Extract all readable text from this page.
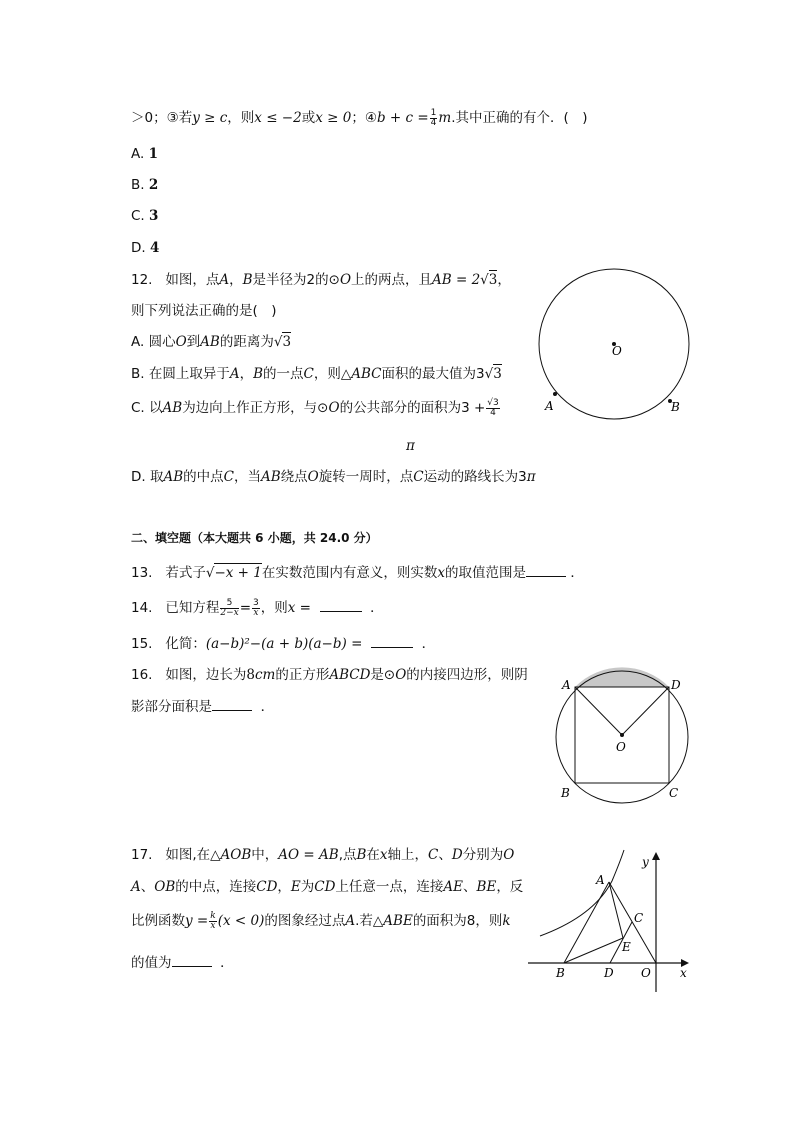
＞0；③若y ≥ c，则x ≤ −2或x ≥ 0；④b + $c = \frac{1}{4} m$.其中正确的有个．(　)
A. 1
B. 2
C. 3
D. 4
12. 如图，点A，B是半径为2的⊙O上的两点，且AB = 2√3，
则下列说法正确的是(　)
A. 圆心O到AB的距离为√3
B. 在圆上取异于A，B的一点C，则△ABC面积的最大值为3√3
C. 以AB为边向上作正方形，与⊙O的公共部分的面积为$3 + \frac{√3}{4}$
π
D. 取AB的中点C，当AB绕点O旋转一周时，点C运动的路线长为3π
O
A	B
二、填空题（本大题共 6 小题，共 24.0 分）
13. 若式子√−x + 1在实数范围内有意义，则实数x的取值范围是	．
14. 已知方程 $\frac{5}{2-x} = \frac{3}{x}$ ，则x =	．
15. 化简：(a−b)²−(a + b)(a−b) =	．
16. 如图，边长为8cm的正方形ABCD是⊙O的内接四边形，则阴
影部分面积是	．
A	D
O
B	C
17. 如图,在△AOB中，AO = AB,点B在x轴上，C、D分别为O
A、OB的中点，连接CD，E为CD上任意一点，连接AE、BE，反
比例函数$y = \frac{k}{x} (x < 0)$的图象经过点A.若△ABE的面积为8，则k
的值为	．
y
A
C
E
B	D O x
